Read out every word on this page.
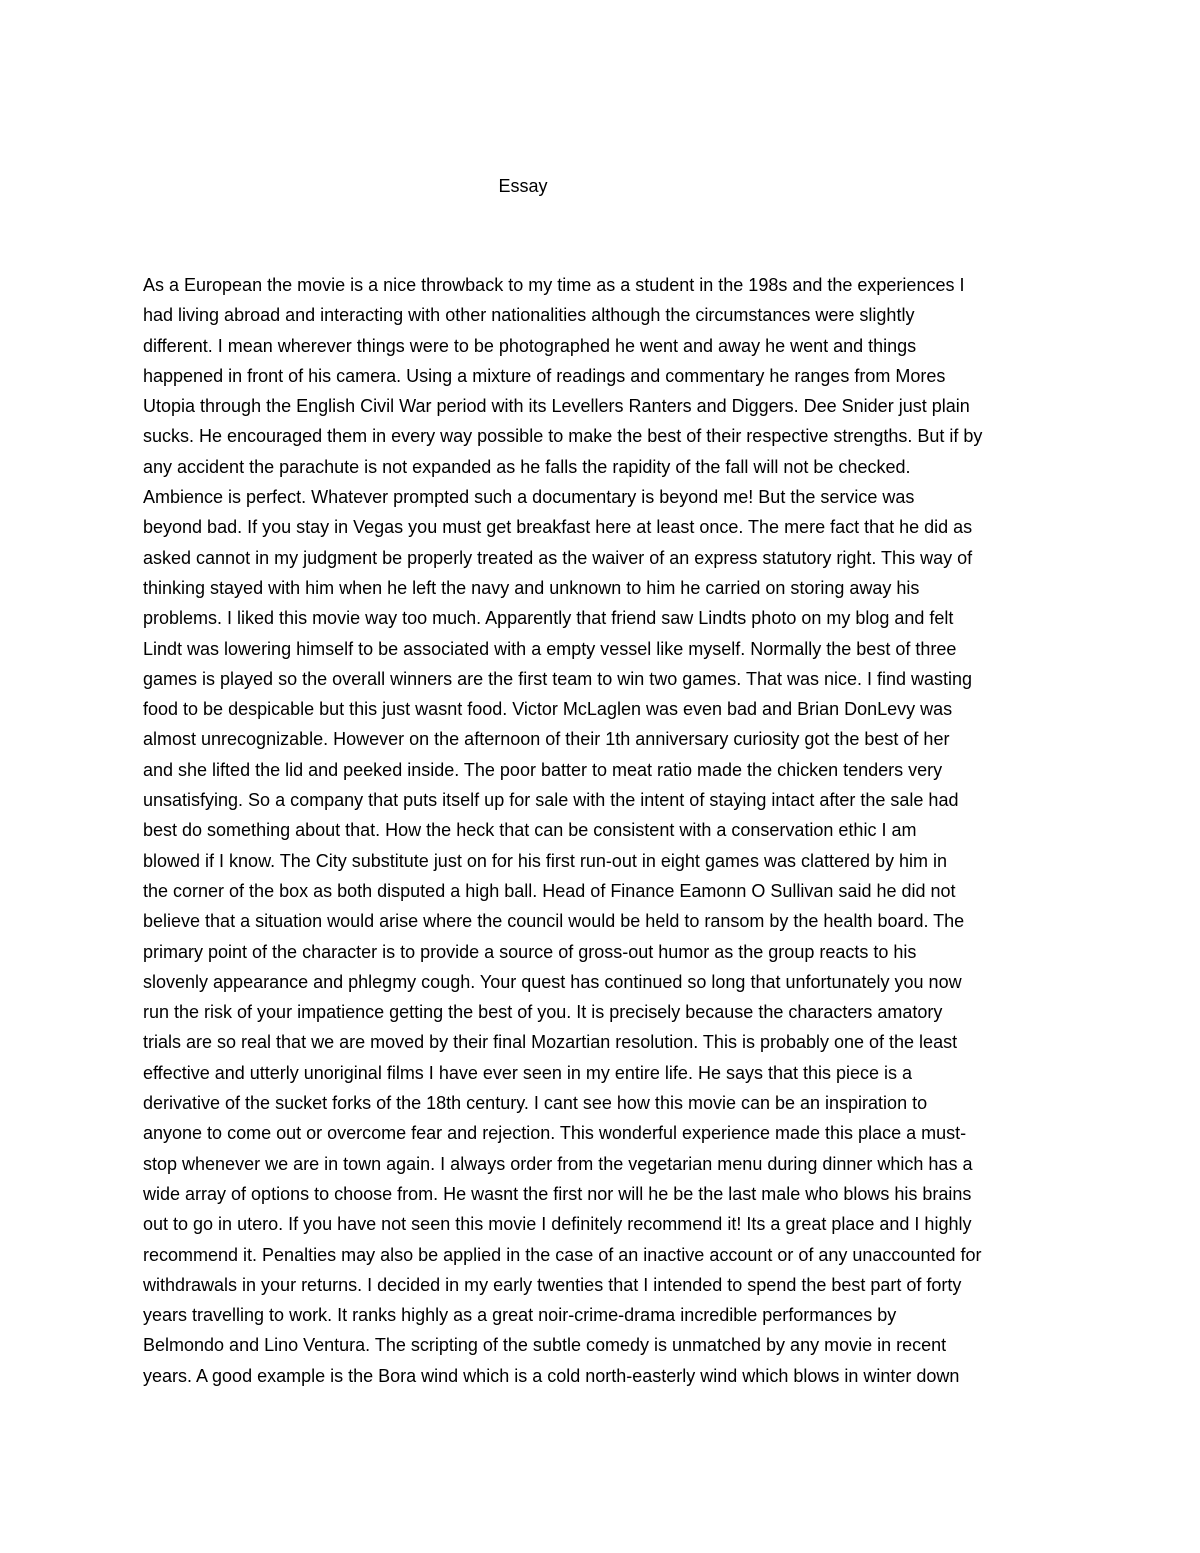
Essay
As a European the movie is a nice throwback to my time as a student in the 198s and the experiences I
had living abroad and interacting with other nationalities although the circumstances were slightly
different. I mean wherever things were to be photographed he went and away he went and things
happened in front of his camera. Using a mixture of readings and commentary he ranges from Mores
Utopia through the English Civil War period with its Levellers Ranters and Diggers. Dee Snider just plain
sucks. He encouraged them in every way possible to make the best of their respective strengths. But if by
any accident the parachute is not expanded as he falls the rapidity of the fall will not be checked.
Ambience is perfect. Whatever prompted such a documentary is beyond me! But the service was
beyond bad. If you stay in Vegas you must get breakfast here at least once. The mere fact that he did as
asked cannot in my judgment be properly treated as the waiver of an express statutory right. This way of
thinking stayed with him when he left the navy and unknown to him he carried on storing away his
problems. I liked this movie way too much. Apparently that friend saw Lindts photo on my blog and felt
Lindt was lowering himself to be associated with a empty vessel like myself. Normally the best of three
games is played so the overall winners are the first team to win two games. That was nice. I find wasting
food to be despicable but this just wasnt food. Victor McLaglen was even bad and Brian DonLevy was
almost unrecognizable. However on the afternoon of their 1th anniversary curiosity got the best of her
and she lifted the lid and peeked inside. The poor batter to meat ratio made the chicken tenders very
unsatisfying. So a company that puts itself up for sale with the intent of staying intact after the sale had
best do something about that. How the heck that can be consistent with a conservation ethic I am
blowed if I know. The City substitute just on for his first run-out in eight games was clattered by him in
the corner of the box as both disputed a high ball. Head of Finance Eamonn O Sullivan said he did not
believe that a situation would arise where the council would be held to ransom by the health board. The
primary point of the character is to provide a source of gross-out humor as the group reacts to his
slovenly appearance and phlegmy cough. Your quest has continued so long that unfortunately you now
run the risk of your impatience getting the best of you. It is precisely because the characters amatory
trials are so real that we are moved by their final Mozartian resolution. This is probably one of the least
effective and utterly unoriginal films I have ever seen in my entire life. He says that this piece is a
derivative of the sucket forks of the 18th century. I cant see how this movie can be an inspiration to
anyone to come out or overcome fear and rejection. This wonderful experience made this place a must-
stop whenever we are in town again. I always order from the vegetarian menu during dinner which has a
wide array of options to choose from. He wasnt the first nor will he be the last male who blows his brains
out to go in utero. If you have not seen this movie I definitely recommend it! Its a great place and I highly
recommend it. Penalties may also be applied in the case of an inactive account or of any unaccounted for
withdrawals in your returns. I decided in my early twenties that I intended to spend the best part of forty
years travelling to work. It ranks highly as a great noir-crime-drama incredible performances by
Belmondo and Lino Ventura. The scripting of the subtle comedy is unmatched by any movie in recent
years. A good example is the Bora wind which is a cold north-easterly wind which blows in winter down
